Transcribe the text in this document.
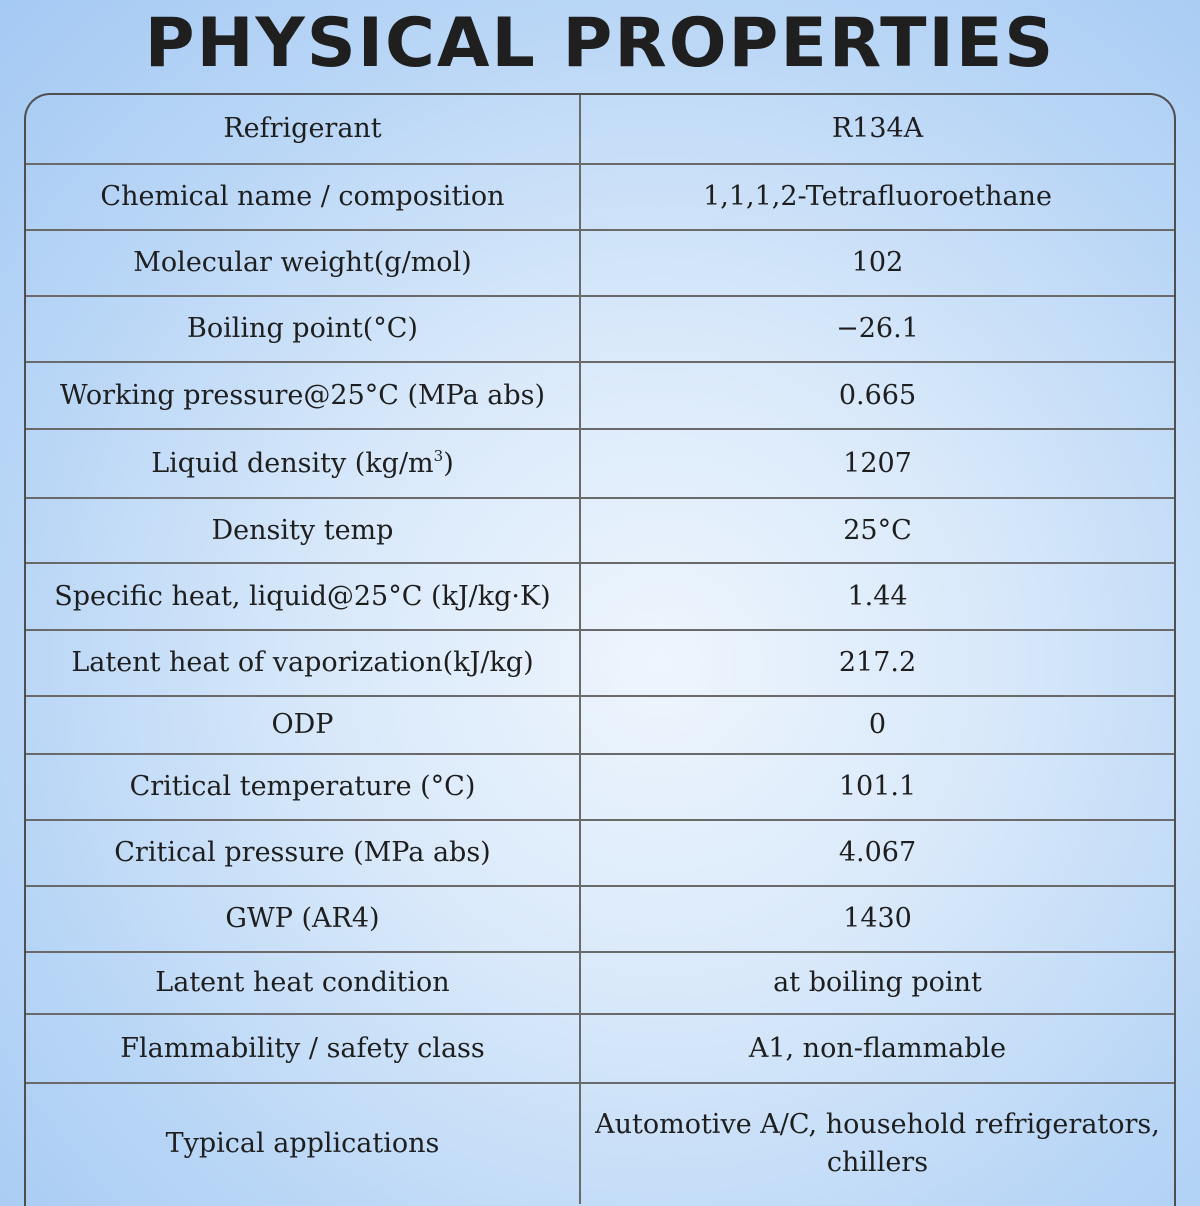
PHYSICAL PROPERTIES
Refrigerant	R134A
Chemical name / composition	1,1,1,2-Tetrafluoroethane
Molecular weight(g/mol)	102
Boiling point(°C)	−26.1
Working pressure@25°C (MPa abs)	0.665
Liquid density $(kg/m^3)$	1207
Density temp	25°C
Specific heat, liquid@25°C (kJ/kg·K)	1.44
Latent heat of vaporization(kJ/kg)	217.2
ODP	0
Critical temperature (°C)	101.1
Critical pressure (MPa abs)	4.067
GWP (AR4)	1430
Latent heat condition	at boiling point
Flammability / safety class	A1, non-flammable
Typical applications	Automotive A/C, household refrigerators, chillers
